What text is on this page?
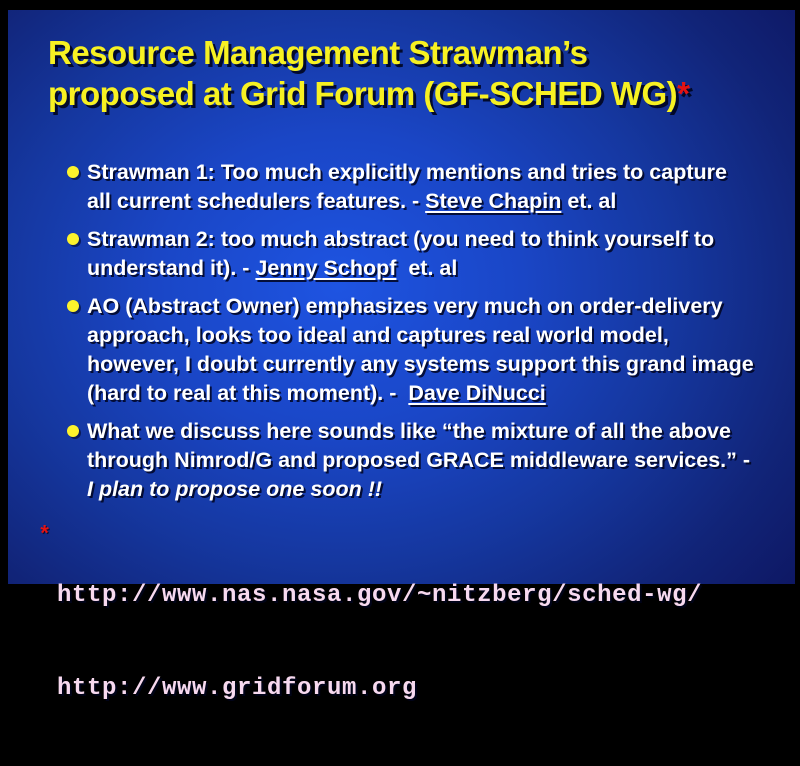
Resource Management Strawman’s
proposed at Grid Forum (GF-SCHED WG)*
Strawman 1: Too much explicitly mentions and tries to capture all current schedulers features. - Steve Chapin et. al
Strawman 2: too much abstract (you need to think yourself to understand it). - Jenny Schopf  et. al
AO (Abstract Owner) emphasizes very much on order-delivery approach, looks too ideal and captures real world model, however, I doubt currently any systems support this grand image (hard to real at this moment). -  Dave DiNucci
What we discuss here sounds like “the mixture of all the above through Nimrod/G and proposed GRACE middleware services.” - I plan to propose one soon !!
*

http://www.nas.nasa.gov/~nitzberg/sched-wg/

http://www.gridforum.org
